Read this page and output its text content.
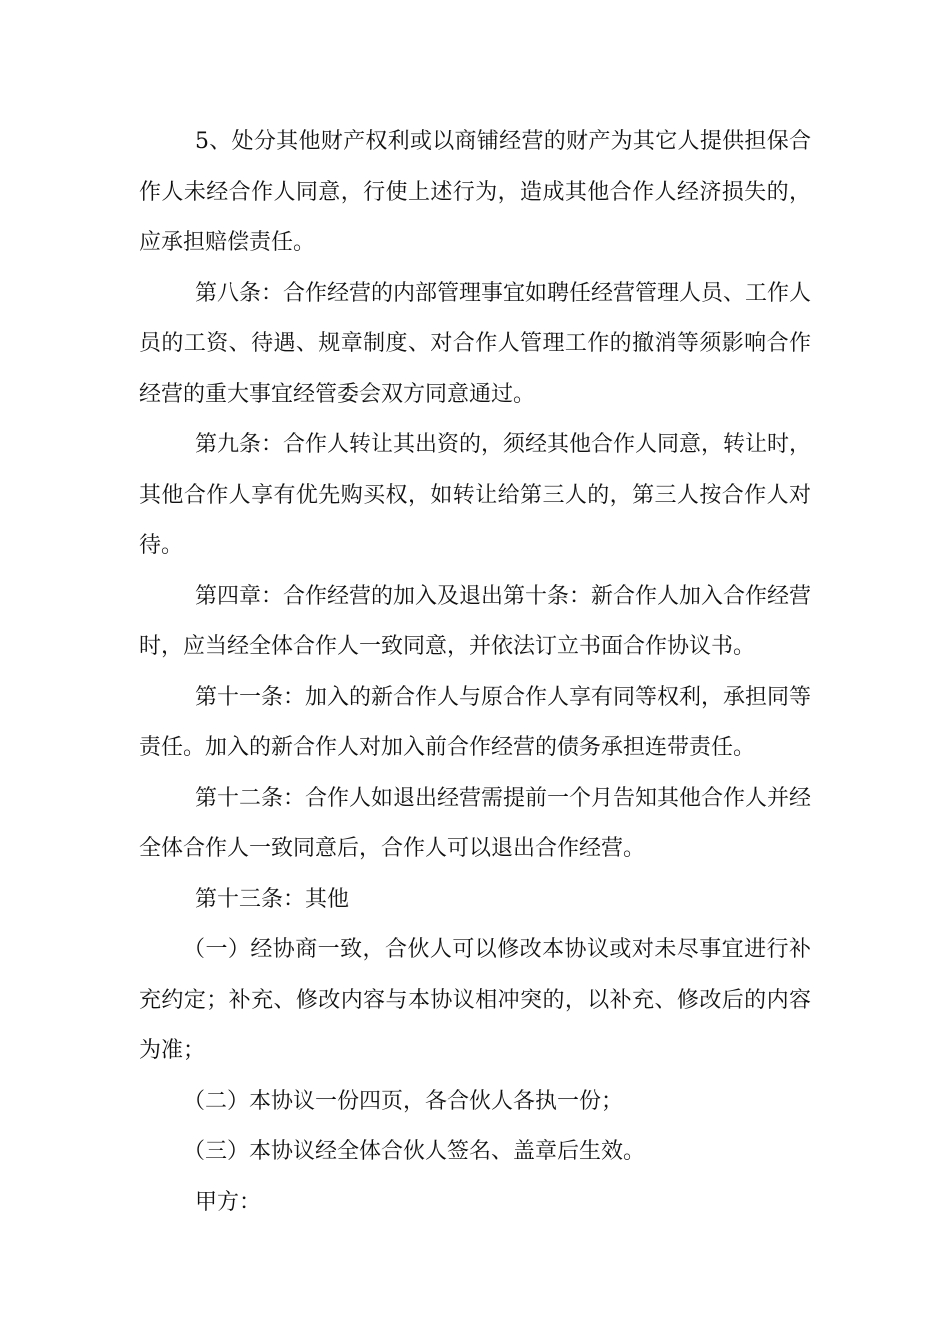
5、处分其他财产权利或以商铺经营的财产为其它人提供担保合作人未经合作人同意，行使上述行为，造成其他合作人经济损失的，应承担赔偿责任。

第八条：合作经营的内部管理事宜如聘任经营管理人员、工作人员的工资、待遇、规章制度、对合作人管理工作的撤消等须影响合作经营的重大事宜经管委会双方同意通过。

第九条：合作人转让其出资的，须经其他合作人同意，转让时，其他合作人享有优先购买权，如转让给第三人的，第三人按合作人对待。

第四章：合作经营的加入及退出第十条：新合作人加入合作经营时，应当经全体合作人一致同意，并依法订立书面合作协议书。

第十一条：加入的新合作人与原合作人享有同等权利，承担同等责任。加入的新合作人对加入前合作经营的债务承担连带责任。

第十二条：合作人如退出经营需提前一个月告知其他合作人并经全体合作人一致同意后，合作人可以退出合作经营。

第十三条：其他

（一）经协商一致，合伙人可以修改本协议或对未尽事宜进行补充约定；补充、修改内容与本协议相冲突的，以补充、修改后的内容为准；

（二）本协议一份四页，各合伙人各执一份；

（三）本协议经全体合伙人签名、盖章后生效。

甲方：
